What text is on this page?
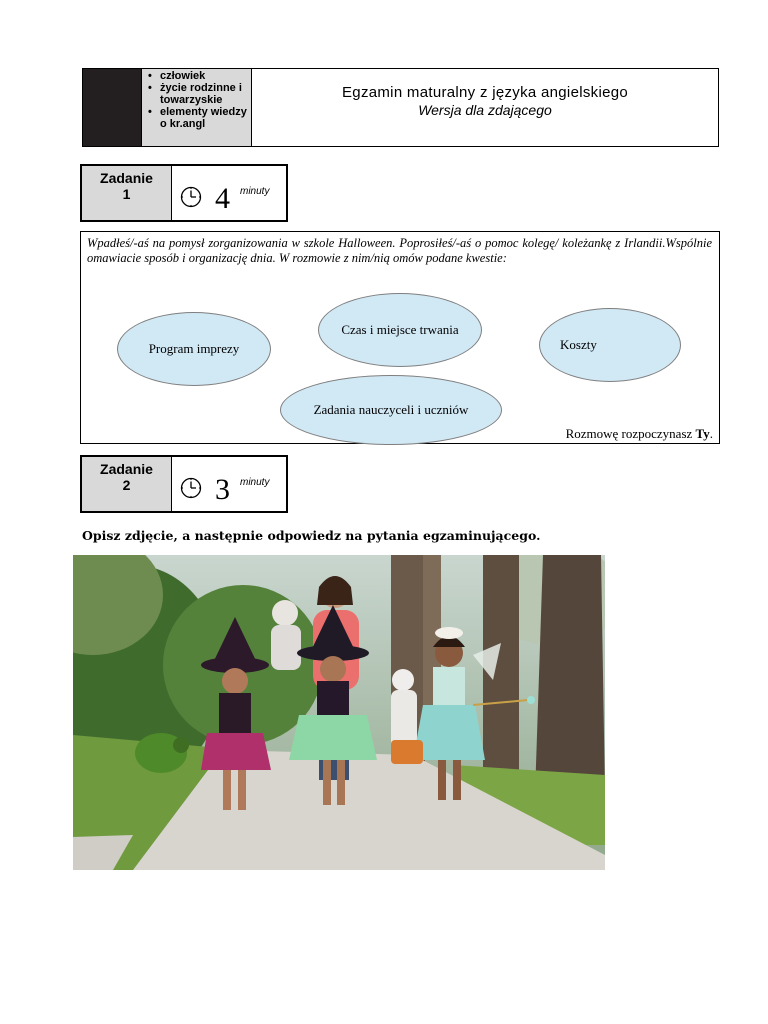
• człowiek
• życie rodzinne i towarzyskie
• elementy wiedzy o kr.angl
Egzamin maturalny z języka angielskiego
Wersja dla zdającego
Zadanie 1	4 minuty
Wpadłeś/-aś na pomysł zorganizowania w szkole Halloween. Poprosiłeś/-aś o pomoc kolegę/ koleżankę z Irlandii.Wspólnie omawiacie sposób i organizację dnia. W rozmowie z nim/nią omów podane kwestie:
Program imprezy
Czas i miejsce trwania
Koszty
Zadania nauczyceli i uczniów
Rozmowę rozpoczynasz Ty.
Zadanie 2	3 minuty
Opisz zdjęcie, a następnie odpowiedz na pytania egzaminującego.
